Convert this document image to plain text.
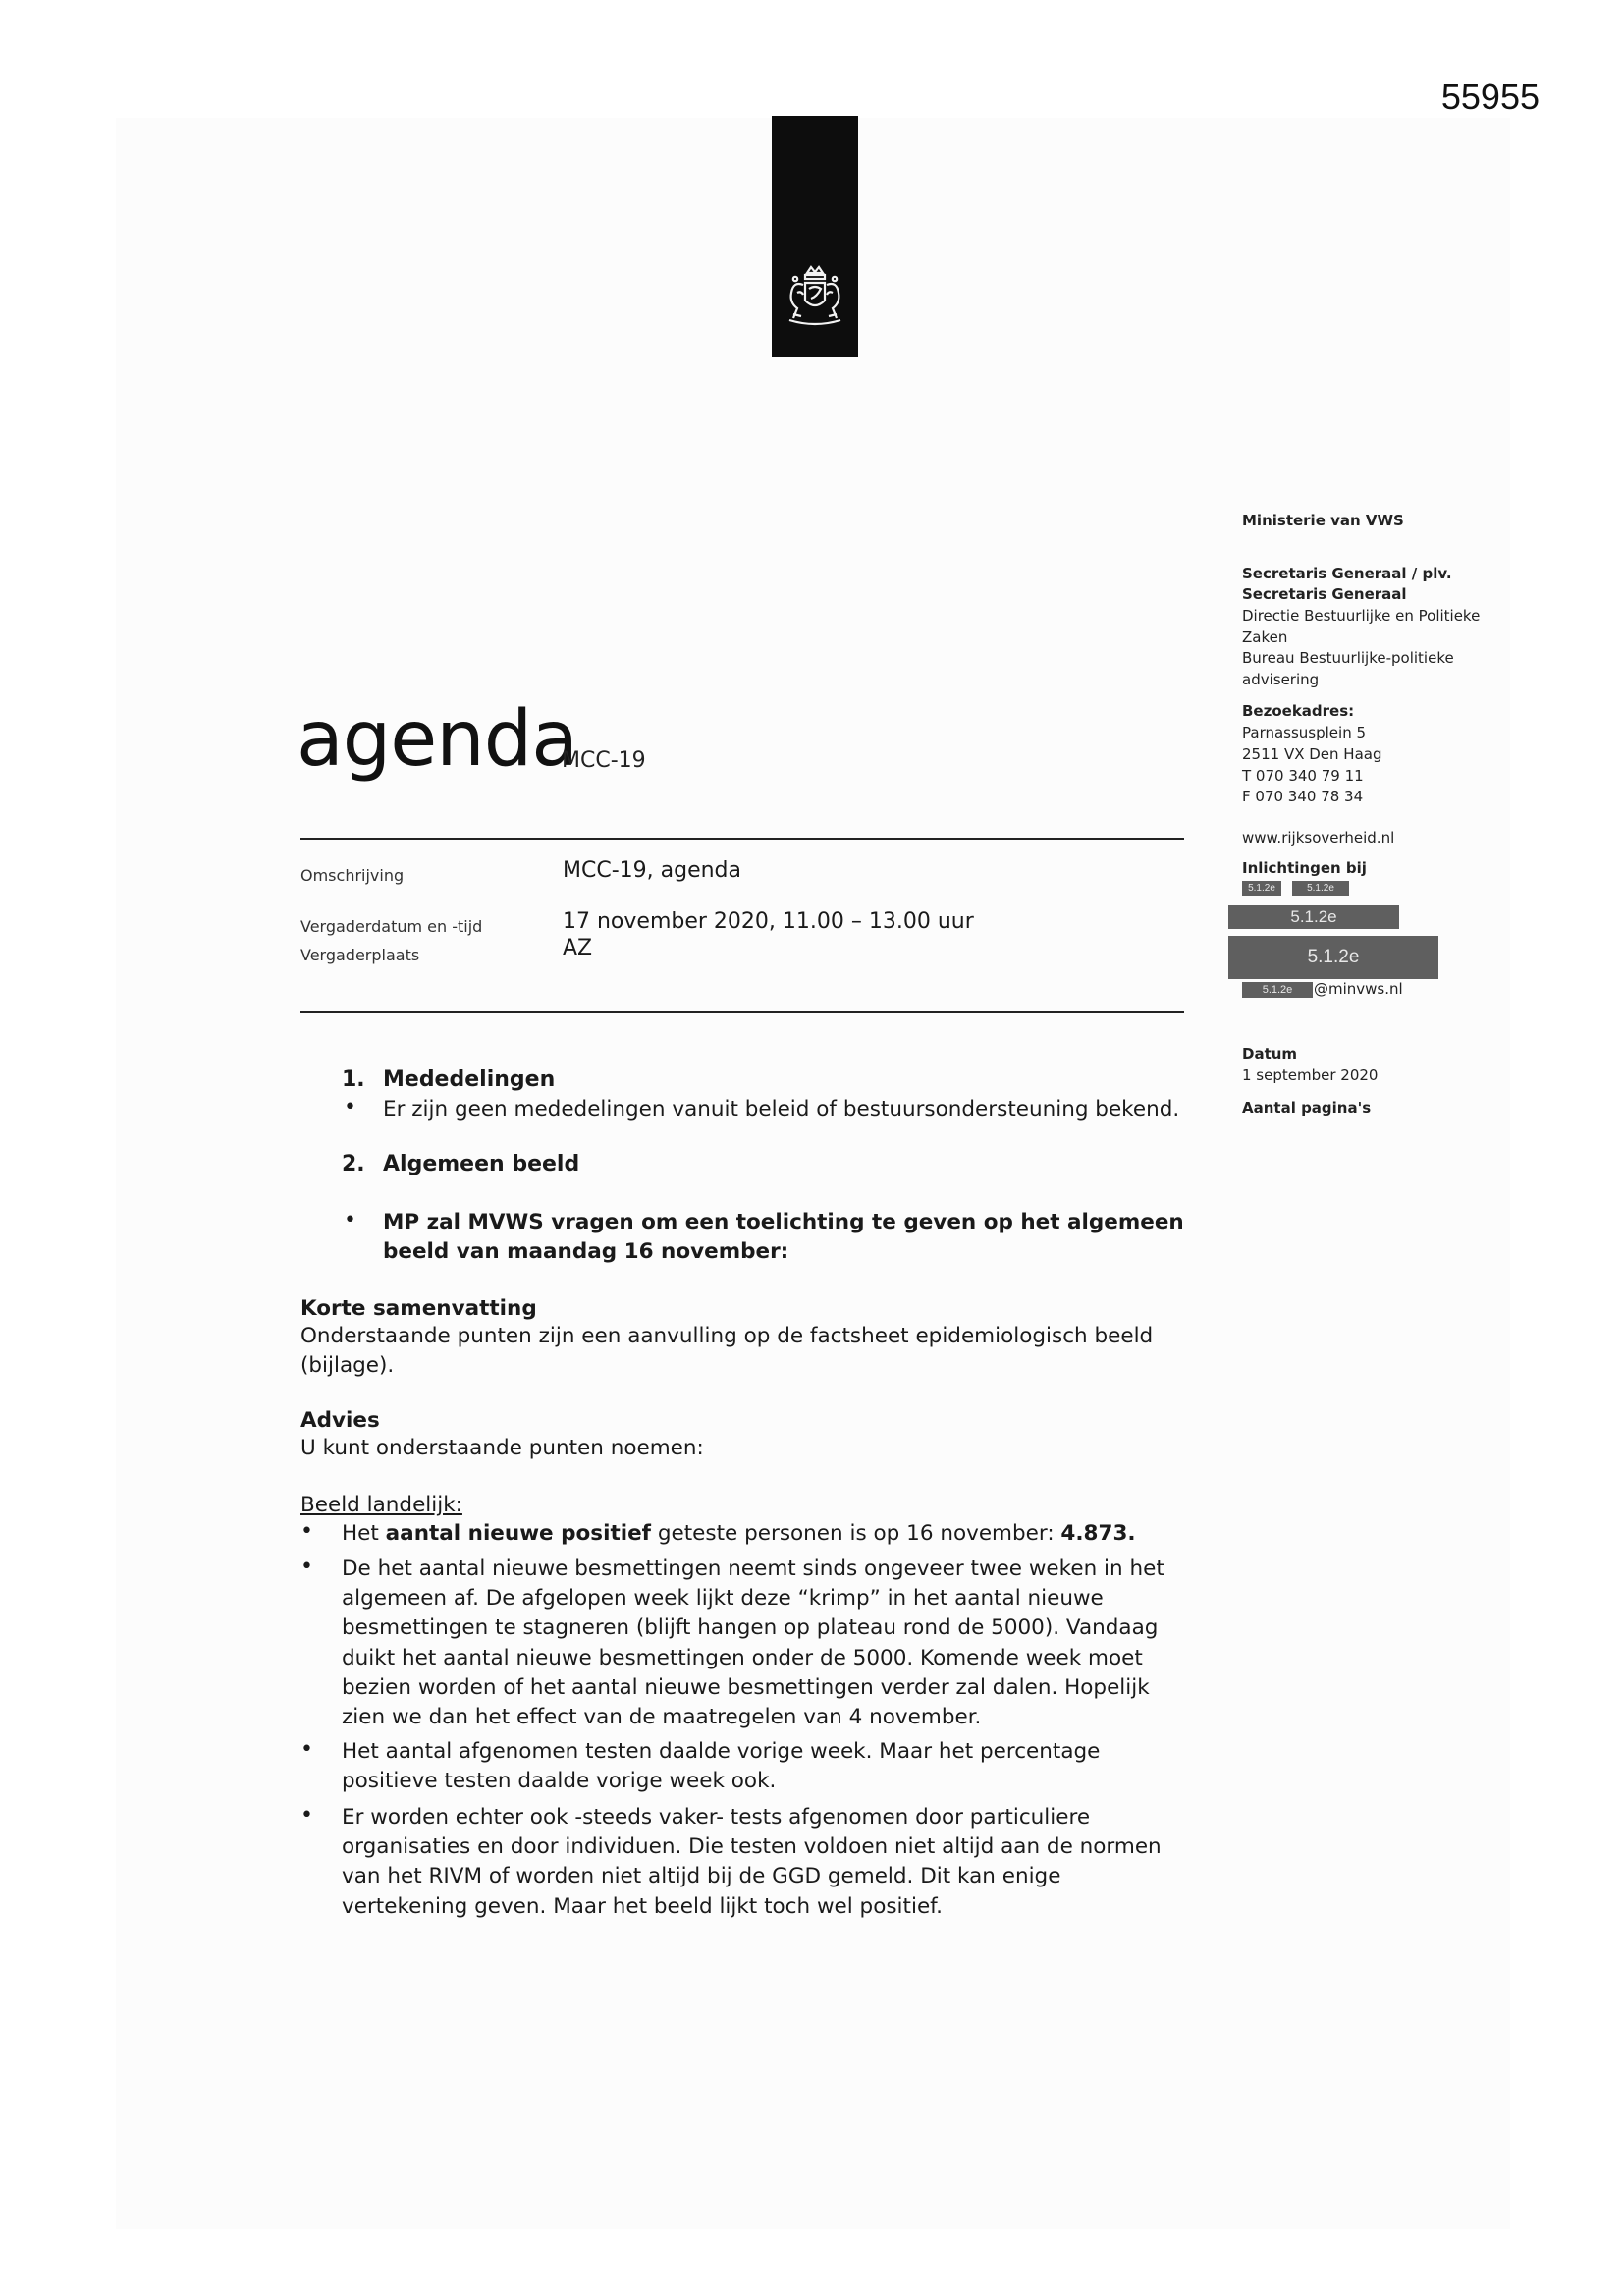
55955
Ministerie van VWS
Secretaris Generaal / plv.
Secretaris Generaal
Directie Bestuurlijke en Politieke
Zaken
Bureau Bestuurlijke-politieke
advisering
Bezoekadres:
Parnassusplein 5
2511 VX Den Haag
T 070 340 79 11
F 070 340 78 34
www.rijksoverheid.nl
Inlichtingen bij
Datum
1 september 2020
Aantal pagina's
5.1.2e	5.1.2e
5.1.2e
5.1.2e
5.1.2e	@minvws.nl
agenda
MCC-19
Omschrijving	MCC-19, agenda
Vergaderdatum en -tijd	17 november 2020, 11.00 – 13.00 uur
Vergaderplaats	AZ
1. Mededelingen
• Er zijn geen mededelingen vanuit beleid of bestuursondersteuning bekend.
2. Algemeen beeld
• MP zal MVWS vragen om een toelichting te geven op het algemeen
beeld van maandag 16 november:
Korte samenvatting
Onderstaande punten zijn een aanvulling op de factsheet epidemiologisch beeld
(bijlage).
Advies
U kunt onderstaande punten noemen:
Beeld landelijk:
• Het aantal nieuwe positief geteste personen is op 16 november: 4.873.
• De het aantal nieuwe besmettingen neemt sinds ongeveer twee weken in het
algemeen af. De afgelopen week lijkt deze “krimp” in het aantal nieuwe
besmettingen te stagneren (blijft hangen op plateau rond de 5000). Vandaag
duikt het aantal nieuwe besmettingen onder de 5000. Komende week moet
bezien worden of het aantal nieuwe besmettingen verder zal dalen. Hopelijk
zien we dan het effect van de maatregelen van 4 november.
• Het aantal afgenomen testen daalde vorige week. Maar het percentage
positieve testen daalde vorige week ook.
• Er worden echter ook -steeds vaker- tests afgenomen door particuliere
organisaties en door individuen. Die testen voldoen niet altijd aan de normen
van het RIVM of worden niet altijd bij de GGD gemeld. Dit kan enige
vertekening geven. Maar het beeld lijkt toch wel positief.
